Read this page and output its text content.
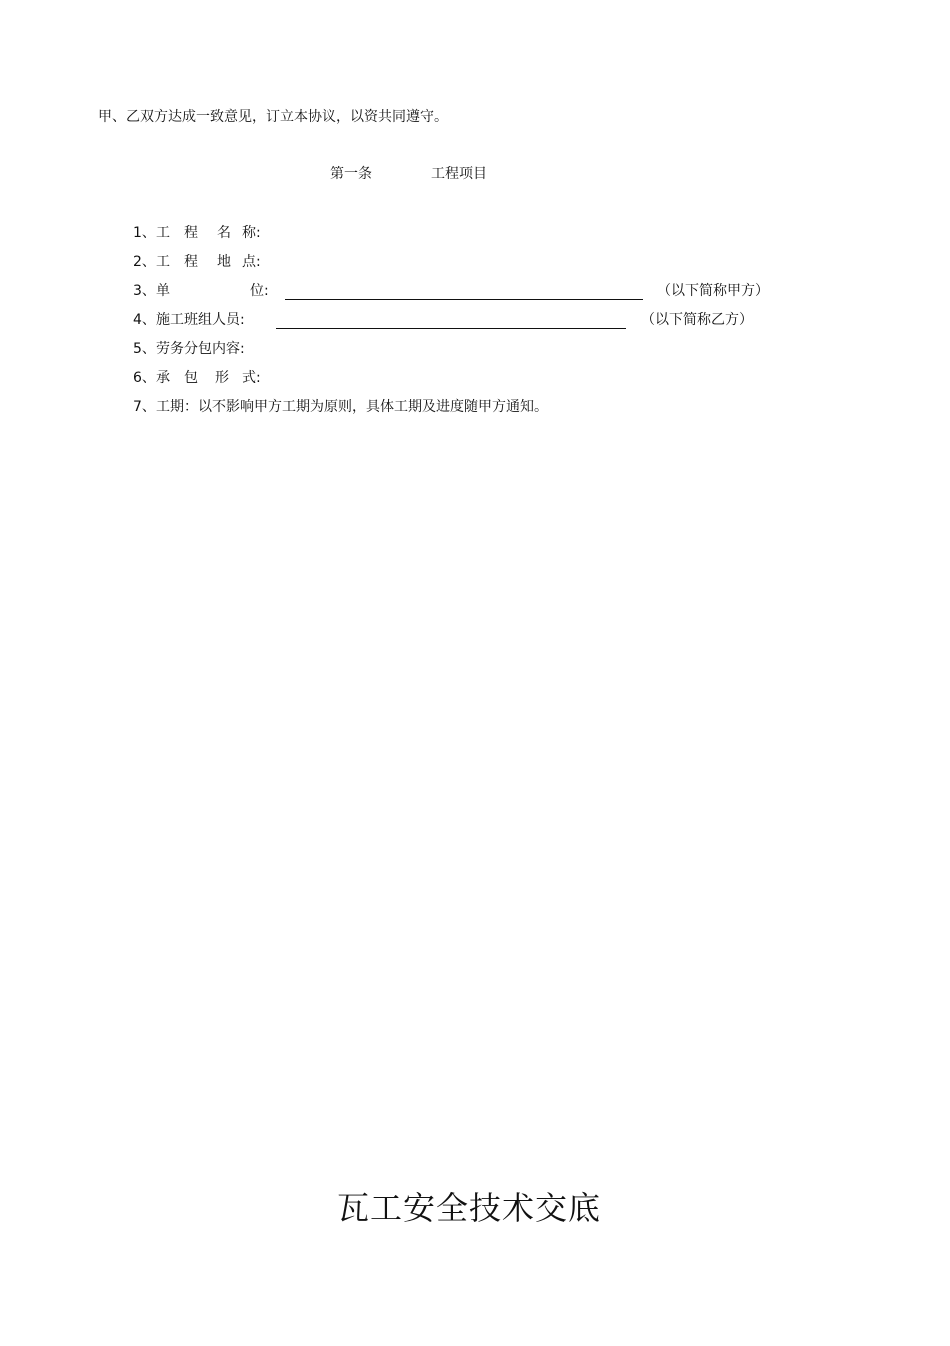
甲、乙双方达成一致意见，订立本协议，以资共同遵守。
第一条	工程项目
1、 工 程 名 称:
2、 工 程 地 点:
3、 单	位:	（以下简称甲方）
4、 施工班组人员:	（以下简称乙方）
5、 劳务分包内容:
6、 承 包 形 式:
7、 工期：以不影响甲方工期为原则，具体工期及进度随甲方通知。
瓦工安全技术交底
